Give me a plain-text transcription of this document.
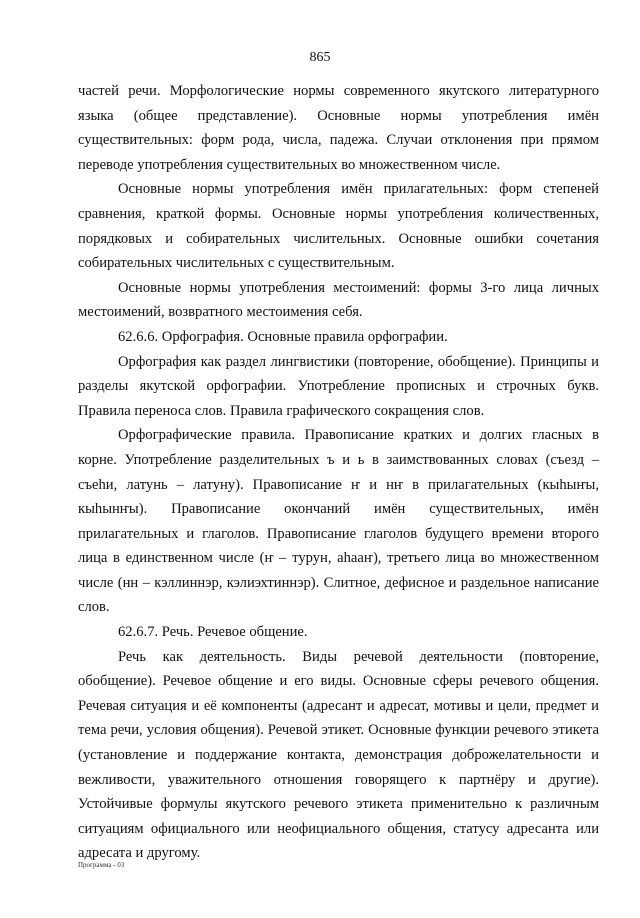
865

частей речи. Морфологические нормы современного якутского литературного языка (общее представление). Основные нормы употребления имён существительных: форм рода, числа, падежа. Случаи отклонения при прямом переводе употребления существительных во множественном числе.

Основные нормы употребления имён прилагательных: форм степеней сравнения, краткой формы. Основные нормы употребления количественных, порядковых и собирательных числительных. Основные ошибки сочетания собирательных числительных с существительным.

Основные нормы употребления местоимений: формы 3-го лица личных местоимений, возвратного местоимения себя.

62.6.6. Орфография. Основные правила орфографии.

Орфография как раздел лингвистики (повторение, обобщение). Принципы и разделы якутской орфографии. Употребление прописных и строчных букв. Правила переноса слов. Правила графического сокращения слов.

Орфографические правила. Правописание кратких и долгих гласных в корне. Употребление разделительных ъ и ь в заимствованных словах (съезд – съеhи, латунь – латуну). Правописание ҥ и нҥ в прилагательных (кыhыҥы, кыhынҥы). Правописание окончаний имён существительных, имён прилагательных и глаголов. Правописание глаголов будущего времени второго лица в единственном числе (ҥ – турун, аhааҥ), третьего лица во множественном числе (нн – кэллиннэр, кэлиэхтиннэр). Слитное, дефисное и раздельное написание слов.

62.6.7. Речь. Речевое общение.

Речь как деятельность. Виды речевой деятельности (повторение, обобщение). Речевое общение и его виды. Основные сферы речевого общения. Речевая ситуация и её компоненты (адресант и адресат, мотивы и цели, предмет и тема речи, условия общения). Речевой этикет. Основные функции речевого этикета (установление и поддержание контакта, демонстрация доброжелательности и вежливости, уважительного отношения говорящего к партнёру и другие). Устойчивые формулы якутского речевого этикета применительно к различным ситуациям официального или неофициального общения, статусу адресанта или адресата и другому.

Программа - 03
